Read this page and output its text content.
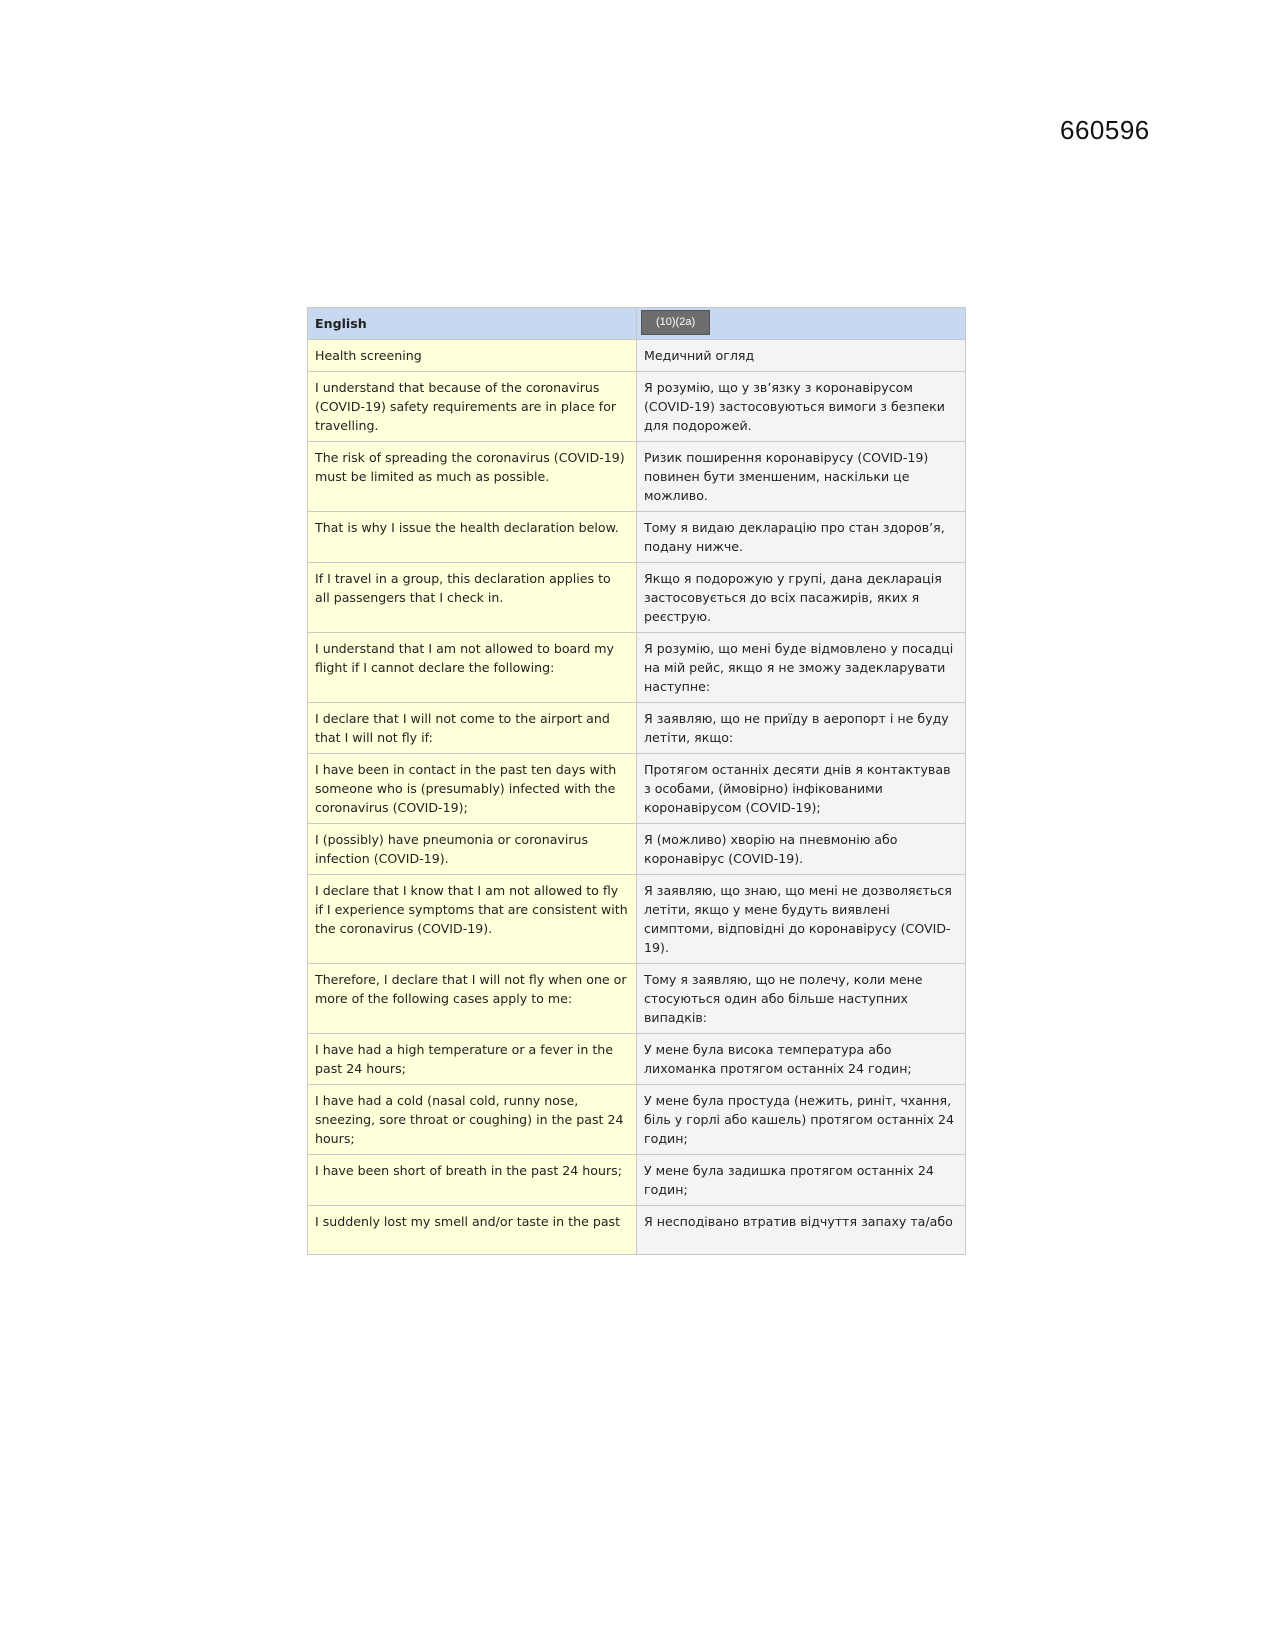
660596
English	(10)(2a)
Health screening	Медичний огляд
I understand that because of the coronavirus (COVID-19) safety requirements are in place for travelling.	Я розумію, що у зв’язку з коронавірусом (COVID-19) застосовуються вимоги з безпеки для подорожей.
The risk of spreading the coronavirus (COVID-19) must be limited as much as possible.	Ризик поширення коронавірусу (COVID-19) повинен бути зменшеним, наскільки це можливо.
That is why I issue the health declaration below.	Тому я видаю декларацію про стан здоров’я, подану нижче.
If I travel in a group, this declaration applies to all passengers that I check in.	Якщо я подорожую у групі, дана декларація застосовується до всіх пасажирів, яких я реєструю.
I understand that I am not allowed to board my flight if I cannot declare the following:	Я розумію, що мені буде відмовлено у посадці на мій рейс, якщо я не зможу задекларувати наступне:
I declare that I will not come to the airport and that I will not fly if:	Я заявляю, що не приїду в аеропорт і не буду летіти, якщо:
I have been in contact in the past ten days with someone who is (presumably) infected with the coronavirus (COVID-19);	Протягом останніх десяти днів я контактував з особами, (ймовірно) інфікованими коронавірусом (COVID-19);
I (possibly) have pneumonia or coronavirus infection (COVID-19).	Я (можливо) хворію на пневмонію або коронавірус (COVID-19).
I declare that I know that I am not allowed to fly if I experience symptoms that are consistent with the coronavirus (COVID-19).	Я заявляю, що знаю, що мені не дозволяється летіти, якщо у мене будуть виявлені симптоми, відповідні до коронавірусу (COVID-19).
Therefore, I declare that I will not fly when one or more of the following cases apply to me:	Тому я заявляю, що не полечу, коли мене стосуються один або більше наступних випадків:
I have had a high temperature or a fever in the past 24 hours;	У мене була висока температура або лихоманка протягом останніх 24 годин;
I have had a cold (nasal cold, runny nose, sneezing, sore throat or coughing) in the past 24 hours;	У мене була простуда (нежить, риніт, чхання, біль у горлі або кашель) протягом останніх 24 годин;
I have been short of breath in the past 24 hours;	У мене була задишка протягом останніх 24 годин;
I suddenly lost my smell and/or taste in the past	Я несподівано втратив відчуття запаху та/або
